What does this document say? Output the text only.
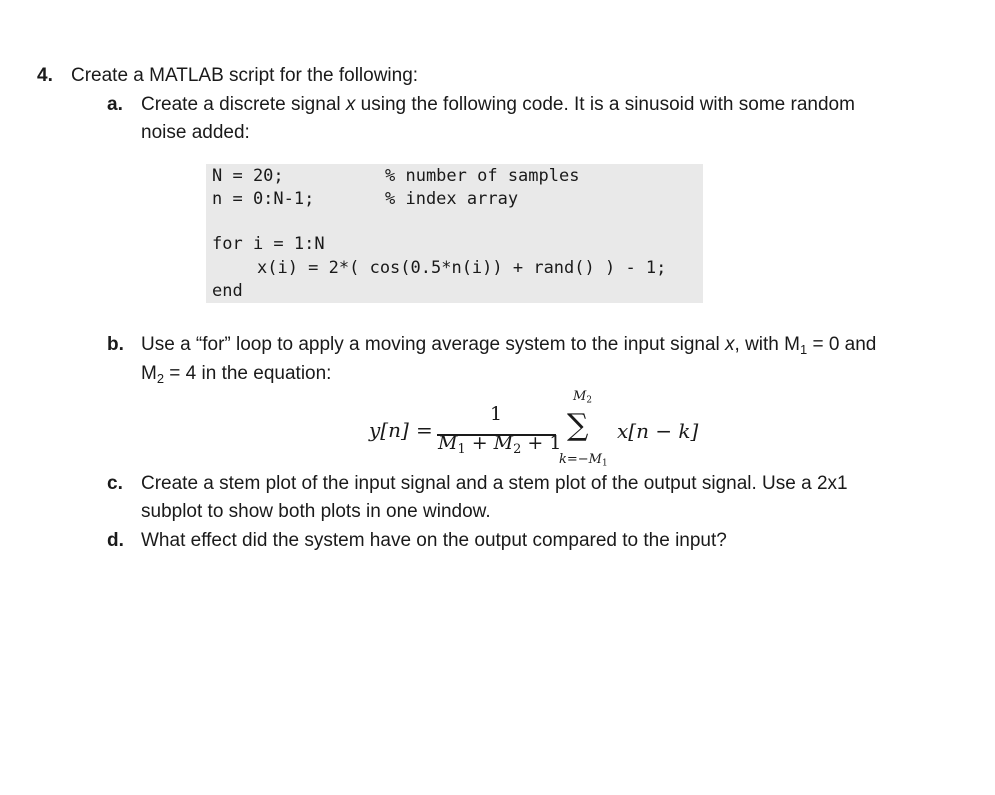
4. Create a MATLAB script for the following:
a. Create a discrete signal x using the following code. It is a sinusoid with some random
noise added:
N = 20;	% number of samples
n = 0:N-1;	% index array
for i = 1:N
x(i) = 2*( cos(0.5*n(i)) + rand() ) - 1;
end
b. Use a “for” loop to apply a moving average system to the input signal x, with $M_1 = 0$ and
$M_2 = 4$ in the equation:
y[n] =
1
$M_1 + M_2 + 1$
$M_2$
∑
$k=-M_1$
x[n − k]
c. Create a stem plot of the input signal and a stem plot of the output signal. Use a 2x1
subplot to show both plots in one window.
d. What effect did the system have on the output compared to the input?
